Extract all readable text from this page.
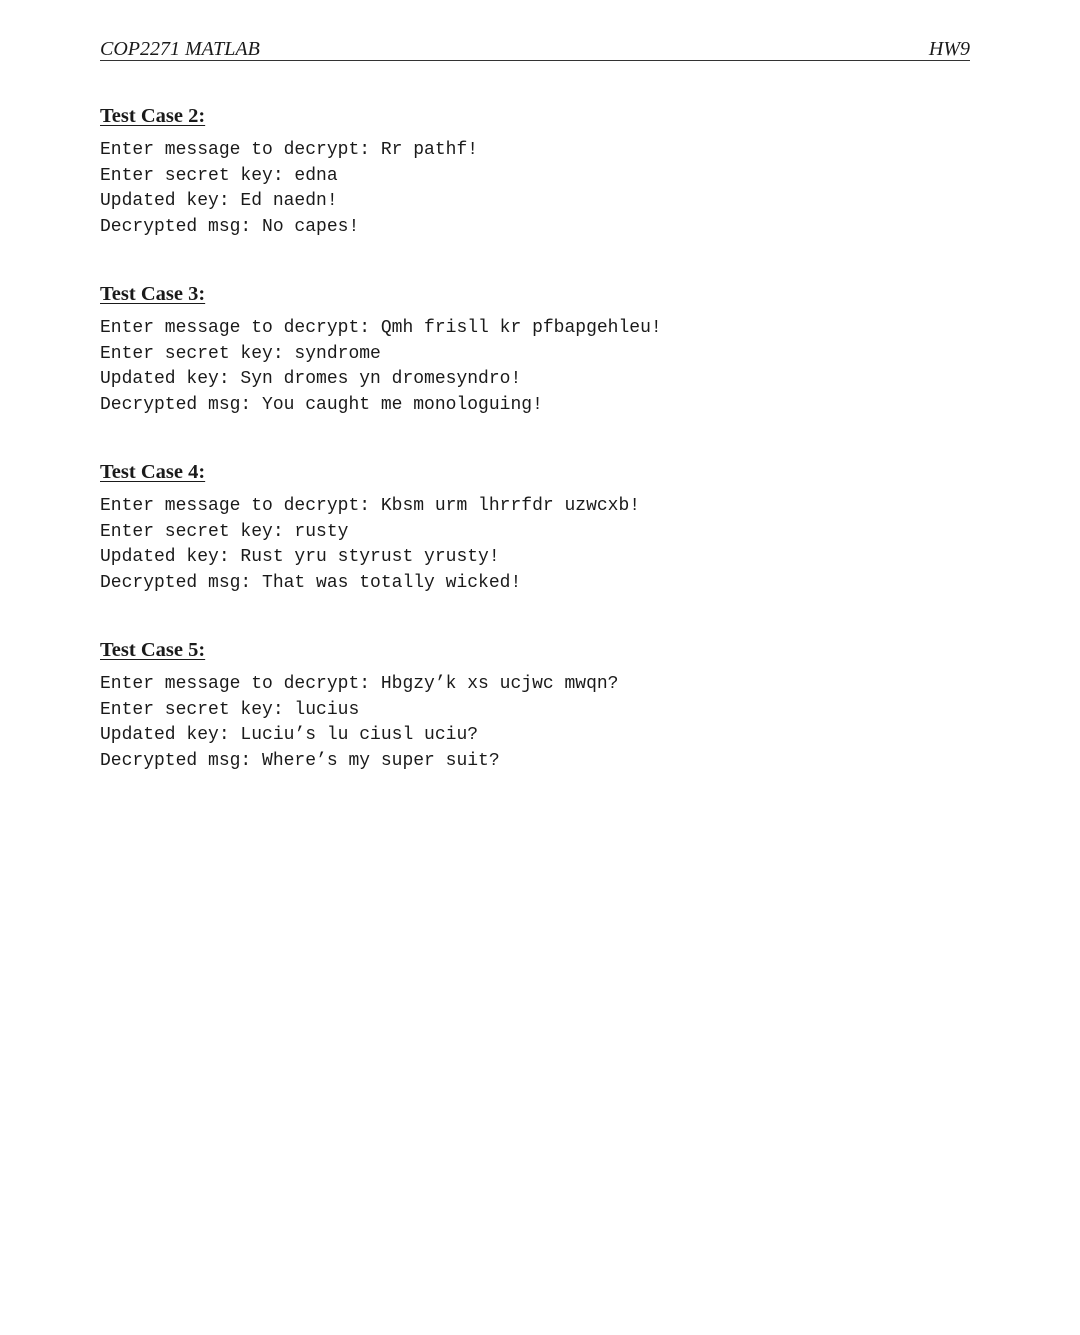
COP2271 MATLAB	HW9
Test Case 2:
Enter message to decrypt: Rr pathf!
Enter secret key: edna
Updated key: Ed naedn!
Decrypted msg: No capes!
Test Case 3:
Enter message to decrypt: Qmh frisll kr pfbapgehleu!
Enter secret key: syndrome
Updated key: Syn dromes yn dromesyndro!
Decrypted msg: You caught me monologuing!
Test Case 4:
Enter message to decrypt: Kbsm urm lhrrfdr uzwcxb!
Enter secret key: rusty
Updated key: Rust yru styrust yrusty!
Decrypted msg: That was totally wicked!
Test Case 5:
Enter message to decrypt: Hbgzy’k xs ucjwc mwqn?
Enter secret key: lucius
Updated key: Luciu’s lu ciusl uciu?
Decrypted msg: Where’s my super suit?
